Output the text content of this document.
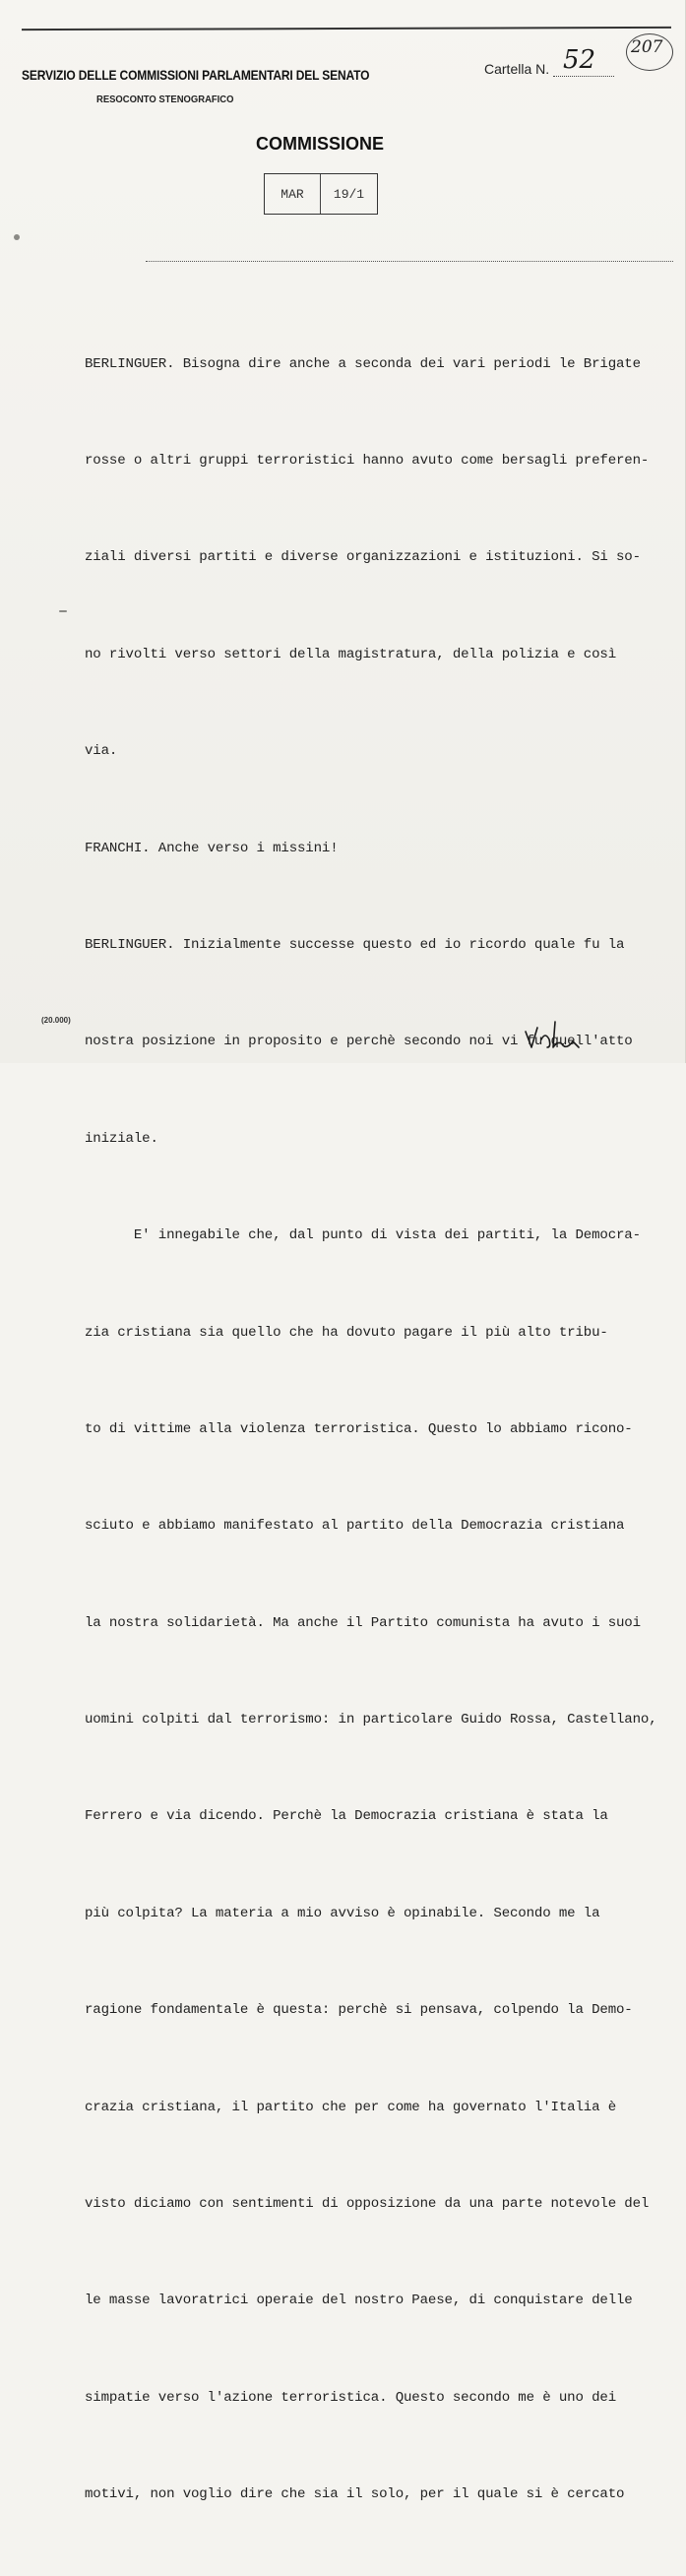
SERVIZIO DELLE COMMISSIONI PARLAMENTARI DEL SENATO
RESOCONTO STENOGRAFICO
Cartella N. 52 207
COMMISSIONE
MAR	19/1

BERLINGUER. Bisogna dire anche a seconda dei vari periodi le Brigate

rosse o altri gruppi terroristici hanno avuto come bersagli preferen-

ziali diversi partiti e diverse organizzazioni e istituzioni. Si so-

no rivolti verso settori della magistratura, della polizia e così

via.

FRANCHI. Anche verso i missini!

BERLINGUER. Inizialmente successe questo ed io ricordo quale fu la

nostra posizione in proposito e perchè secondo noi vi fu quell'atto

iniziale.

E' innegabile che, dal punto di vista dei partiti, la Democra-

zia cristiana sia quello che ha dovuto pagare il più alto tribu-

to di vittime alla violenza terroristica. Questo lo abbiamo ricono-

sciuto e abbiamo manifestato al partito della Democrazia cristiana

la nostra solidarietà. Ma anche il Partito comunista ha avuto i suoi

uomini colpiti dal terrorismo: in particolare Guido Rossa, Castellano,

Ferrero e via dicendo. Perchè la Democrazia cristiana è stata la

più colpita? La materia a mio avviso è opinabile. Secondo me la

ragione fondamentale è questa: perchè si pensava, colpendo la Demo-

crazia cristiana, il partito che per come ha governato l'Italia è

visto diciamo con sentimenti di opposizione da una parte notevole del

le masse lavoratrici operaie del nostro Paese, di conquistare delle

simpatie verso l'azione terroristica. Questo secondo me è uno dei

motivi, non voglio dire che sia il solo, per il quale si è cercato

(20.000)
